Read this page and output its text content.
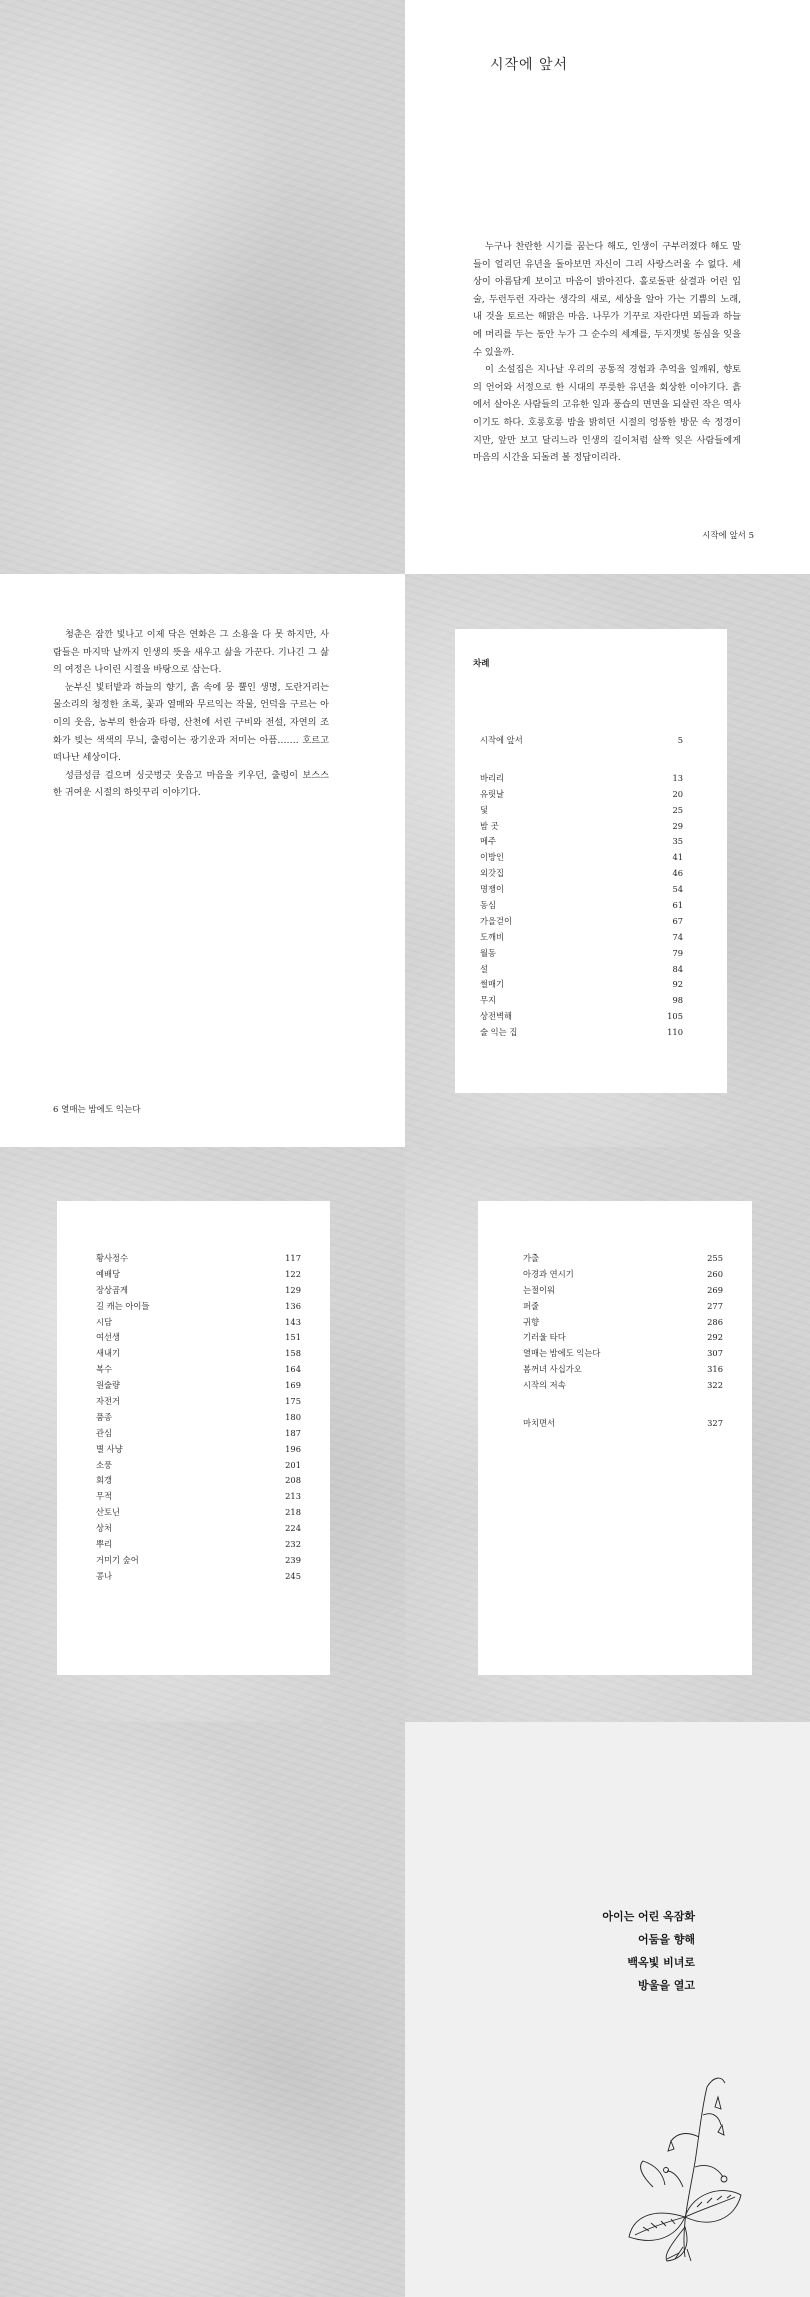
시작에 앞서

누구나 찬란한 시기를 꿈는다 해도, 인생이 구부러졌다 해도 말들이 얼리던 유년을 돌아보면 자신이 그리 사랑스러울 수 없다. 세상이 아름답게 보이고 마음이 밝아진다. 홀로돌판 살결과 어린 입술, 두런두런 자라는 생각의 새로, 세상을 알아 가는 기쁨의 노래, 내 것을 토르는 해맑은 마음. 나무가 기꾸로 자란다면 뫼들과 하늘에 머리를 두는 동안 누가 그 순수의 세계를, 두지갯빛 동심을 잊을 수 있을까.

이 소설집은 지나날 우리의 공통적 경험과 추억을 일깨워, 향토의 언어와 서정으로 한 시대의 푸릇한 유년을 회상한 이야기다. 흙에서 살아온 사람들의 고유한 일과 풍습의 면면을 되살린 작은 역사이기도 하다. 호롱호롱 밤을 밝히던 시절의 엉뚱한 방문 속 정경이지만, 앞만 보고 달리느라 인생의 길이처럼 살짝 잊은 사람들에게 마음의 시간을 되돌려 볼 정답이리라.

시작에 앞서 5

청춘은 잠깐 빛나고 이제 닥은 연화은 그 소용을 다 못 하지만, 사람들은 마지막 날까지 인생의 뜻을 새우고 삶을 가꾼다. 기나긴 그 삶의 여정은 나이린 시절을 바탕으로 삼는다.

눈부신 빛터밭과 하늘의 향기, 흙 속에 뭉 뿔인 생명, 도란거리는 물소리의 청정한 초록, 꽃과 열매와 무르익는 작물, 언덕을 구르는 아이의 웃음, 농부의 한숨과 타령, 산천에 서린 구비와 전설, 자연의 조화가 빚는 색색의 무늬, 출렁이는 광기운과 저미는 아픔……. 호르고 떠나난 세상이다.

성큼성큼 걸으며 싱긋벙긋 웃음고 마음을 키우던, 출렁이 보스스 한 귀여운 시절의 하잇꾸리 이야기다.

6 열매는 밤에도 익는다
차례
시작에 앞서	5
바리리	13
유릿날	20
덫	25
밤 곳	29
메주	35
이방인	41
외갓집	46
명쟁이	54
동심	61
가을걷이	67
도깨비	74
월동	79
설	84
썰매기	92
무지	98
상전벽해	105
술 익는 집	110
황사정수	117
예배당	122
장상곱게	129
길 캐는 아이들	136
시담	143
여선생	151
새내기	158
복수	164
원술량	169
자전거	175
품종	180
관심	187
별 사냥	196
소풍	201
회갱	208
무적	213
산토닌	218
상처	224
뿌리	232
거미기 숲어	239
콩나	245
가출	255
아경과 연시기	260
는절이워	269
퍼줄	277
귀향	286
기러울 타다	292
열매는 밤에도 익는다	307
봄꺼녀 사십가오	316
시작의 저속	322
마치면서	327
아이는 어린 옥잠화
어둠을 향해
백옥빛 비녀로
방울을 열고
